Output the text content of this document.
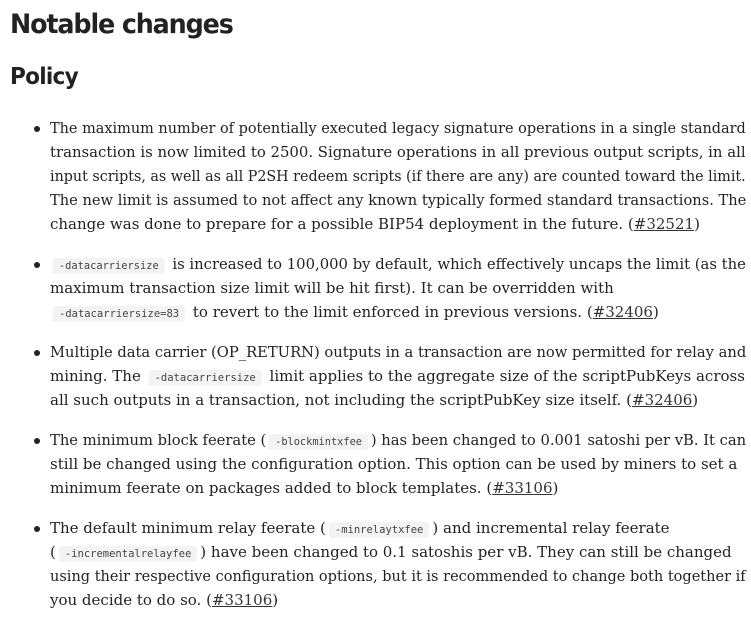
Notable changes
Policy
The maximum number of potentially executed legacy signature operations in a single standard
transaction is now limited to 2500. Signature operations in all previous output scripts, in all
input scripts, as well as all P2SH redeem scripts (if there are any) are counted toward the limit.
The new limit is assumed to not affect any known typically formed standard transactions. The
change was done to prepare for a possible BIP54 deployment in the future. (#32521)
-datacarriersize is increased to 100,000 by default, which effectively uncaps the limit (as the
maximum transaction size limit will be hit first). It can be overridden with
-datacarriersize=83 to revert to the limit enforced in previous versions. (#32406)
Multiple data carrier (OP_RETURN) outputs in a transaction are now permitted for relay and
mining. The -datacarriersize limit applies to the aggregate size of the scriptPubKeys across
all such outputs in a transaction, not including the scriptPubKey size itself. (#32406)
The minimum block feerate ( -blockmintxfee ) has been changed to 0.001 satoshi per vB. It can
still be changed using the configuration option. This option can be used by miners to set a
minimum feerate on packages added to block templates. (#33106)
The default minimum relay feerate ( -minrelaytxfee ) and incremental relay feerate
( -incrementalrelayfee ) have been changed to 0.1 satoshis per vB. They can still be changed
using their respective configuration options, but it is recommended to change both together if
you decide to do so. (#33106)
